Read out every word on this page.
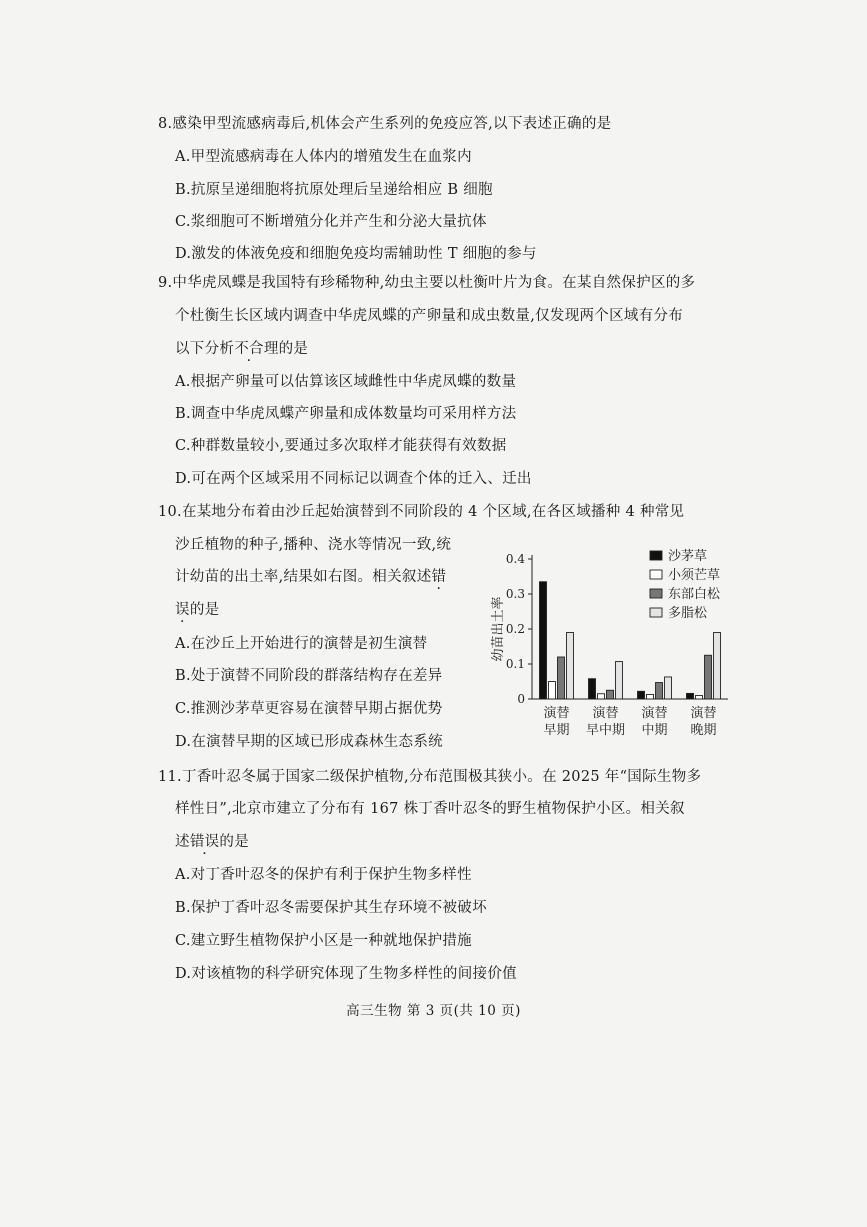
8.感染甲型流感病毒后,机体会产生系列的免疫应答,以下表述正确的是
A.甲型流感病毒在人体内的增殖发生在血浆内
B.抗原呈递细胞将抗原处理后呈递给相应 B 细胞
C.浆细胞可不断增殖分化并产生和分泌大量抗体
D.激发的体液免疫和细胞免疫均需辅助性 T 细胞的参与
9.中华虎凤蝶是我国特有珍稀物种,幼虫主要以杜衡叶片为食。在某自然保护区的多
个杜衡生长区域内调查中华虎凤蝶的产卵量和成虫数量,仅发现两个区域有分布
以下分析不合理的是
A.根据产卵量可以估算该区域雌性中华虎凤蝶的数量
B.调查中华虎凤蝶产卵量和成体数量均可采用样方法
C.种群数量较小,要通过多次取样才能获得有效数据
D.可在两个区域采用不同标记以调查个体的迁入、迁出
10.在某地分布着由沙丘起始演替到不同阶段的 4 个区域,在各区域播种 4 种常见
沙丘植物的种子,播种、浇水等情况一致,统
计幼苗的出土率,结果如右图。相关叙述错
误的是
A.在沙丘上开始进行的演替是初生演替
B.处于演替不同阶段的群落结构存在差异
C.推测沙茅草更容易在演替早期占据优势
D.在演替早期的区域已形成森林生态系统
0
0.1
0.2
0.3
0.4
幼苗出土率
演替
早期
演替
早中期
演替
中期
演替
晚期
沙茅草
小须芒草
东部白松
多脂松
11.丁香叶忍冬属于国家二级保护植物,分布范围极其狭小。在 2025 年“国际生物多
样性日”,北京市建立了分布有 167 株丁香叶忍冬的野生植物保护小区。相关叙
述错误的是
A.对丁香叶忍冬的保护有利于保护生物多样性
B.保护丁香叶忍冬需要保护其生存环境不被破坏
C.建立野生植物保护小区是一种就地保护措施
D.对该植物的科学研究体现了生物多样性的间接价值
高三生物 第 3 页(共 10 页)
